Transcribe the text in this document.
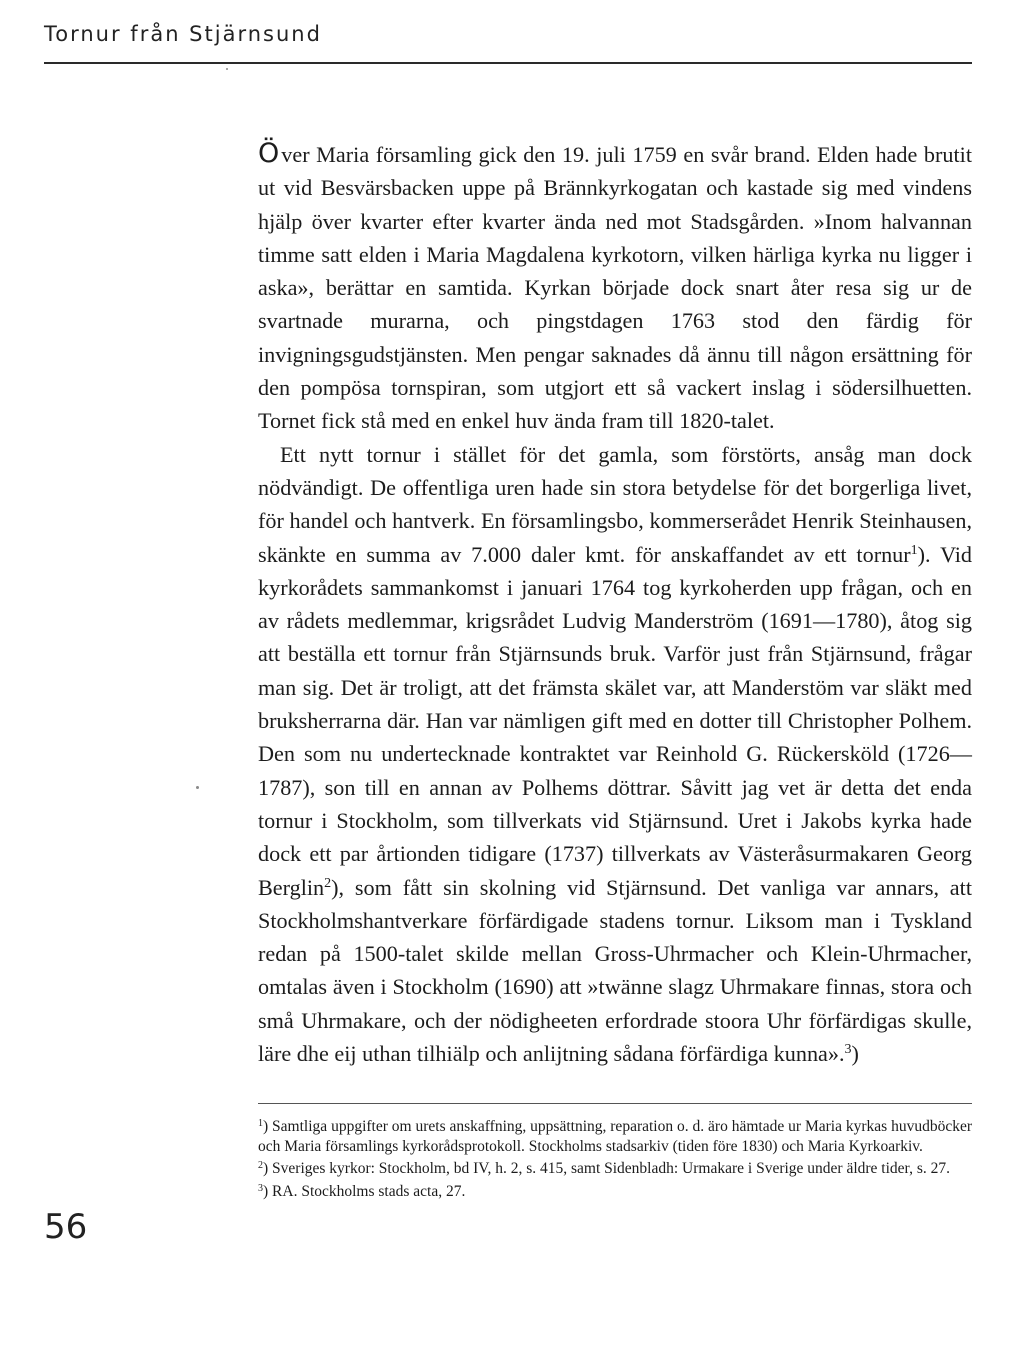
Tornur från Stjärnsund

Över Maria församling gick den 19. juli 1759 en svår brand. Elden hade brutit ut vid Besvärsbacken uppe på Brännkyrkogatan och kastade sig med vindens hjälp över kvarter efter kvarter ända ned mot Stadsgården. »Inom halvannan timme satt elden i Maria Magdalena kyrkotorn, vilken härliga kyrka nu ligger i aska», berättar en samtida. Kyrkan började dock snart åter resa sig ur de svartnade murarna, och pingstdagen 1763 stod den färdig för invigningsgudstjänsten. Men pengar saknades då ännu till någon ersättning för den pompösa tornspiran, som utgjort ett så vackert inslag i södersilhuetten. Tornet fick stå med en enkel huv ända fram till 1820-talet.

Ett nytt tornur i stället för det gamla, som förstörts, ansåg man dock nödvändigt. De offentliga uren hade sin stora betydelse för det borgerliga livet, för handel och hantverk. En församlingsbo, kommerserådet Henrik Steinhausen, skänkte en summa av 7.000 daler kmt. för anskaffandet av ett tornur$^1$). Vid kyrkorådets sammankomst i januari 1764 tog kyrkoherden upp frågan, och en av rådets medlemmar, krigsrådet Ludvig Manderström (1691—1780), åtog sig att beställa ett tornur från Stjärnsunds bruk. Varför just från Stjärnsund, frågar man sig. Det är troligt, att det främsta skälet var, att Manderstöm var släkt med bruksherrarna där. Han var nämligen gift med en dotter till Christopher Polhem. Den som nu undertecknade kontraktet var Reinhold G. Rückersköld (1726—1787), son till en annan av Polhems döttrar. Såvitt jag vet är detta det enda tornur i Stockholm, som tillverkats vid Stjärnsund. Uret i Jakobs kyrka hade dock ett par årtionden tidigare (1737) tillverkats av Västeråsurmakaren Georg Berglin$^2$), som fått sin skolning vid Stjärnsund. Det vanliga var annars, att Stockholmshantverkare förfärdigade stadens tornur. Liksom man i Tyskland redan på 1500-talet skilde mellan Gross-Uhrmacher och Klein-Uhrmacher, omtalas även i Stockholm (1690) att »twänne slagz Uhrmakare finnas, stora och små Uhrmakare, och der nödigheeten erfordrade stoora Uhr förfärdigas skulle, läre dhe eij uthan tilhiälp och anlijtning sådana förfärdiga kunna».$^3$)

$^1$) Samtliga uppgifter om urets anskaffning, uppsättning, reparation o. d. äro hämtade ur Maria kyrkas huvudböcker och Maria församlings kyrkorådsprotokoll. Stockholms stadsarkiv (tiden före 1830) och Maria Kyrkoarkiv.

$^2$) Sveriges kyrkor: Stockholm, bd IV, h. 2, s. 415, samt Sidenbladh: Urmakare i Sverige under äldre tider, s. 27.

$^3$) RA. Stockholms stads acta, 27.

56
